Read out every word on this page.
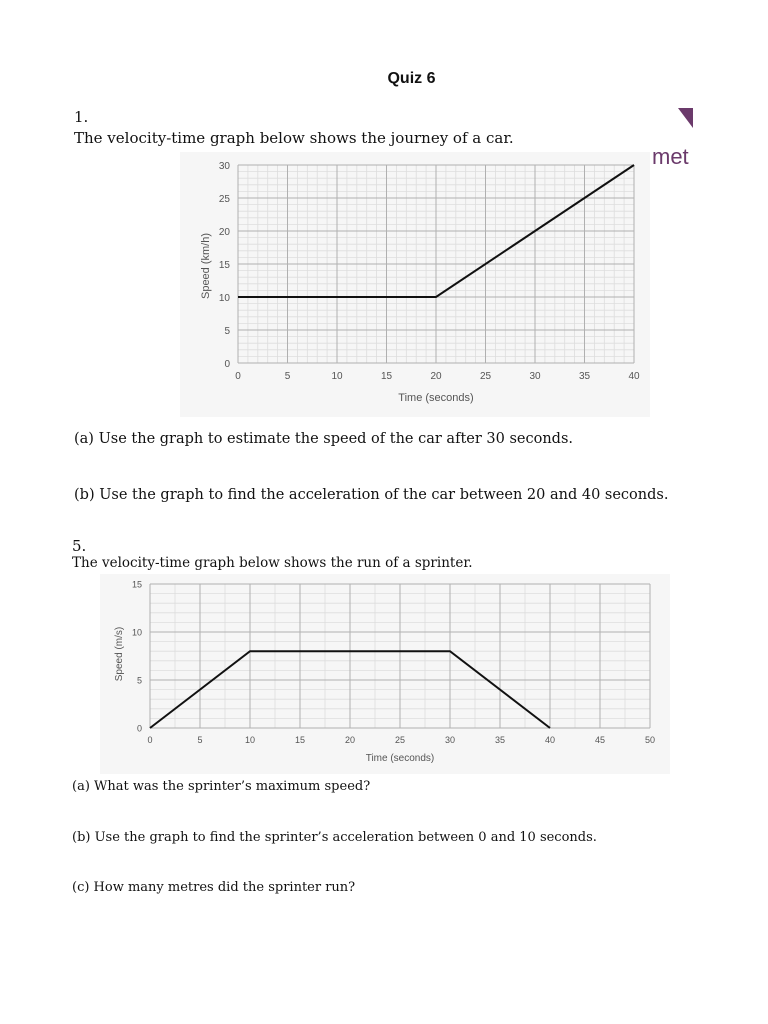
Quiz 6
met
1.
The velocity-time graph below shows the journey of a car.
0	5	10	15	20	25	30	35	40
0
5
10
15
20
25
30
Time (seconds)
Speed (km/h)
(a) Use the graph to estimate the speed of the car after 30 seconds.
(b) Use the graph to find the acceleration of the car between 20 and 40 seconds.
5.
The velocity-time graph below shows the run of a sprinter.
0	5	10	15	20	25	30	35	40	45	50
0
5
10
15
Time (seconds)
Speed (m/s)
(a) What was the sprinter’s maximum speed?
(b) Use the graph to find the sprinter’s acceleration between 0 and 10 seconds.
(c) How many metres did the sprinter run?
